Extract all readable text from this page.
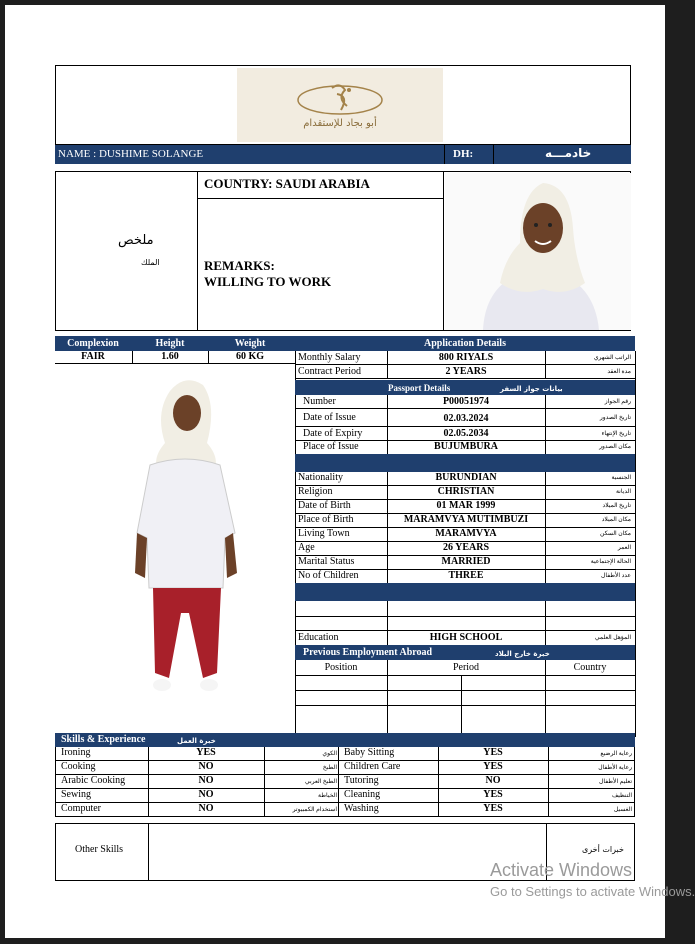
أبو بجاد للإستقدام
NAME : DUSHIME SOLANGE	DH:	خادمـــه
ملخص
الملك
COUNTRY: SAUDI ARABIA
REMARKS:
WILLING TO WORK
Complexion	Height	Weight
FAIR	1.60	60 KG
Application Details
Monthly Salary	800 RIYALS	الراتب الشهري
Contract Period	2 YEARS	مدة العقد
Passport Details	بيانات جواز السفر
Number	P00051974	رقم الجواز
Date of Issue	02.03.2024	تاريخ الصدور
Date of Expiry	02.05.2034	تاريخ الإنتهاء
Place of Issue	BUJUMBURA	مكان الصدور
Nationality	BURUNDIAN	الجنسية
Religion	CHRISTIAN	الديانة
Date of Birth	01 MAR 1999	تاريخ الميلاد
Place of Birth	MARAMVYA MUTIMBUZI	مكان الميلاد
Living Town	MARAMVYA	مكان السكن
Age	26 YEARS	العمر
Marital Status	MARRIED	الحالة الإجتماعية
No of Children	THREE	عدد الأطفال
Education	HIGH SCHOOL	المؤهل العلمي
Previous Employment Abroad	خبرة خارج البلاد
Position	Period	Country
Skills & Experience	خبرة العمل
Ironing	YES	الكوي Baby Sitting	YES	رعاية الرضيع
Cooking	NO	الطبخ Children Care	YES	رعاية الأطفال
Arabic Cooking	NO	الطبخ العربي Tutoring	NO	تعليم الأطفال
Sewing	NO	الخياطة Cleaning	YES	التنظيف
Computer	NO	استخدام الكمبيوتر Washing	YES	الغسيل
Other Skills	خبرات أخرى
Activate Windows
Go to Settings to activate Windows.
